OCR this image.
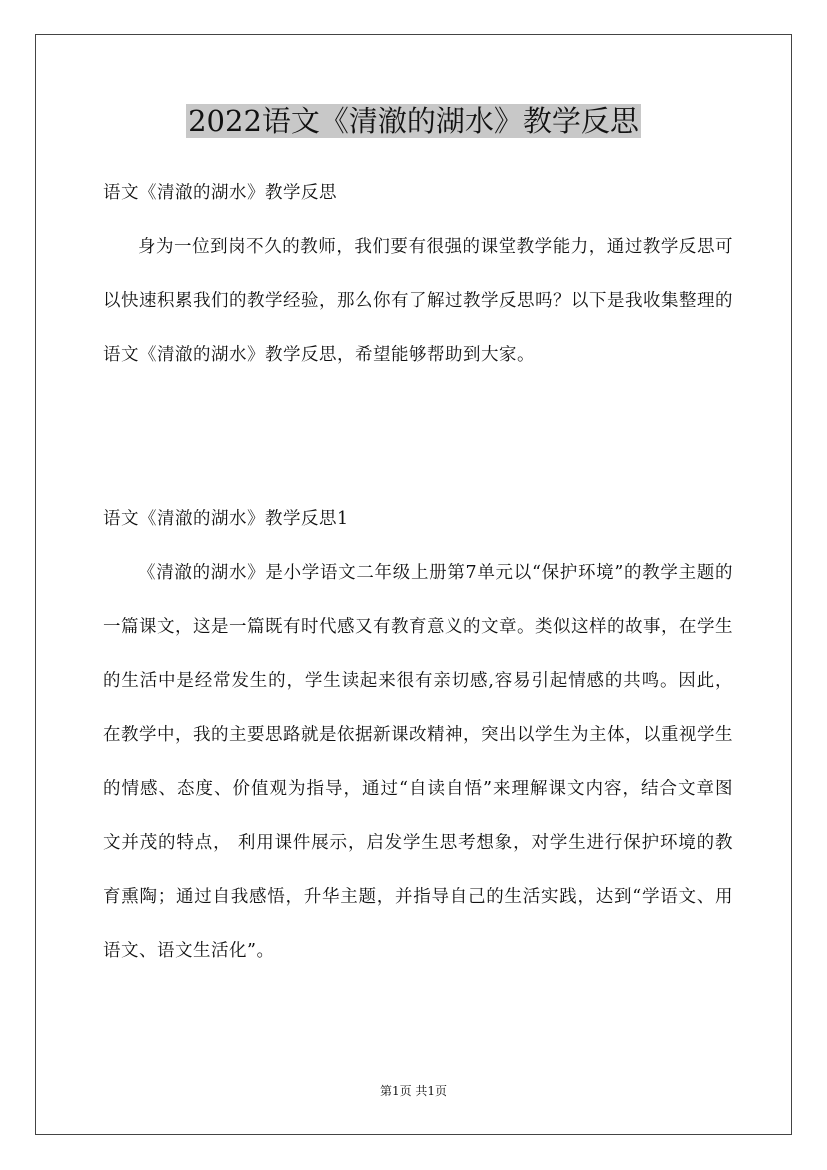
2022语文《清澈的湖水》教学反思
语文《清澈的湖水》教学反思

身为一位到岗不久的教师，我们要有很强的课堂教学能力，通过教学反思可以快速积累我们的教学经验，那么你有了解过教学反思吗？以下是我收集整理的语文《清澈的湖水》教学反思，希望能够帮助到大家。

语文《清澈的湖水》教学反思1

《清澈的湖水》是小学语文二年级上册第7单元以“保护环境”的教学主题的一篇课文，这是一篇既有时代感又有教育意义的文章。类似这样的故事，在学生的生活中是经常发生的，学生读起来很有亲切感,容易引起情感的共鸣。因此，在教学中，我的主要思路就是依据新课改精神，突出以学生为主体，以重视学生的情感、态度、价值观为指导，通过“自读自悟”来理解课文内容，结合文章图文并茂的特点， 利用课件展示，启发学生思考想象，对学生进行保护环境的教育熏陶；通过自我感悟，升华主题，并指导自己的生活实践，达到“学语文、用语文、语文生活化”。

第1页 共1页
